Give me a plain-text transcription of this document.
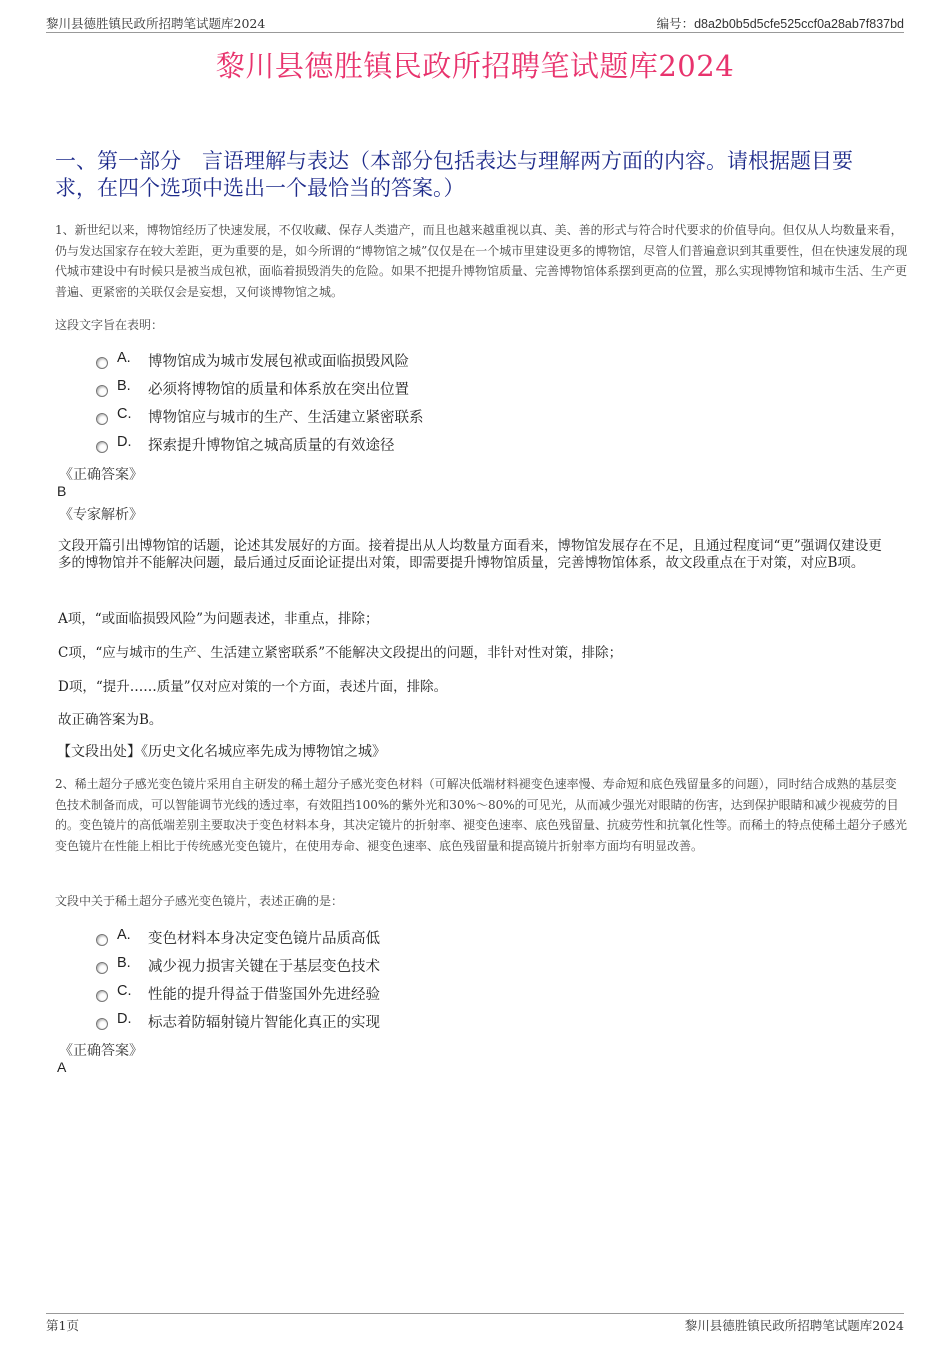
黎川县德胜镇民政所招聘笔试题库2024	编号：d8a2b0b5d5cfe525ccf0a28ab7f837bd
黎川县德胜镇民政所招聘笔试题库2024
一、第一部分　言语理解与表达（本部分包括表达与理解两方面的内容。请根据题目要求，在四个选项中选出一个最恰当的答案。）
1、新世纪以来，博物馆经历了快速发展，不仅收藏、保存人类遗产，而且也越来越重视以真、美、善的形式与符合时代要求的价值导向。但仅从人均数量来看，仍与发达国家存在较大差距，更为重要的是，如今所谓的“博物馆之城”仅仅是在一个城市里建设更多的博物馆，尽管人们普遍意识到其重要性，但在快速发展的现代城市建设中有时候只是被当成包袱，面临着损毁消失的危险。如果不把提升博物馆质量、完善博物馆体系摆到更高的位置，那么实现博物馆和城市生活、生产更普遍、更紧密的关联仅会是妄想，又何谈博物馆之城。
这段文字旨在表明：
A. 博物馆成为城市发展包袱或面临损毁风险
B. 必须将博物馆的质量和体系放在突出位置
C. 博物馆应与城市的生产、生活建立紧密联系
D. 探索提升博物馆之城高质量的有效途径
《正确答案》
B
《专家解析》
文段开篇引出博物馆的话题，论述其发展好的方面。接着提出从人均数量方面看来，博物馆发展存在不足，且通过程度词“更”强调仅建设更多的博物馆并不能解决问题，最后通过反面论证提出对策，即需要提升博物馆质量，完善博物馆体系，故文段重点在于对策，对应B项。
A项，“或面临损毁风险”为问题表述，非重点，排除；
C项，“应与城市的生产、生活建立紧密联系”不能解决文段提出的问题，非针对性对策，排除；
D项，“提升……质量”仅对应对策的一个方面，表述片面，排除。
故正确答案为B。
【文段出处】《历史文化名城应率先成为博物馆之城》
2、稀土超分子感光变色镜片采用自主研发的稀土超分子感光变色材料（可解决低端材料褪变色速率慢、寿命短和底色残留量多的问题），同时结合成熟的基层变色技术制备而成，可以智能调节光线的透过率，有效阻挡100%的紫外光和30%～80%的可见光，从而减少强光对眼睛的伤害，达到保护眼睛和减少视疲劳的目的。变色镜片的高低端差别主要取决于变色材料本身，其决定镜片的折射率、褪变色速率、底色残留量、抗疲劳性和抗氧化性等。而稀土的特点使稀土超分子感光变色镜片在性能上相比于传统感光变色镜片，在使用寿命、褪变色速率、底色残留量和提高镜片折射率方面均有明显改善。
文段中关于稀土超分子感光变色镜片，表述正确的是：
A. 变色材料本身决定变色镜片品质高低
B. 减少视力损害关键在于基层变色技术
C. 性能的提升得益于借鉴国外先进经验
D. 标志着防辐射镜片智能化真正的实现
《正确答案》
A
第1页	黎川县德胜镇民政所招聘笔试题库2024
